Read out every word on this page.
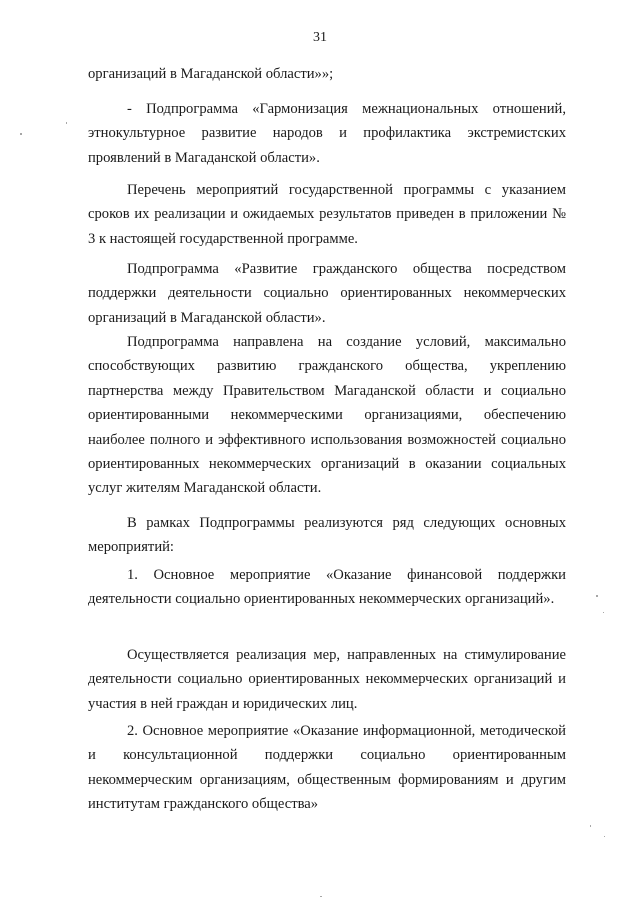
31

организаций в Магаданской области»»;

- Подпрограмма «Гармонизация межнациональных отношений, этнокультурное развитие народов и профилактика экстремистских проявлений в Магаданской области».

Перечень мероприятий государственной программы с указанием сроков их реализации и ожидаемых результатов приведен в приложении № 3 к настоящей государственной программе.

Подпрограмма «Развитие гражданского общества посредством поддержки деятельности социально ориентированных некоммерческих организаций в Магаданской области».

Подпрограмма направлена на создание условий, максимально способствующих развитию гражданского общества, укреплению партнерства между Правительством Магаданской области и социально ориентированными некоммерческими организациями, обеспечению наиболее полного и эффективного использования возможностей социально ориентированных некоммерческих организаций в оказании социальных услуг жителям Магаданской области.

В рамках Подпрограммы реализуются ряд следующих основных мероприятий:

1. Основное мероприятие «Оказание финансовой поддержки деятельности социально ориентированных некоммерческих организаций».

Осуществляется реализация мер, направленных на стимулирование деятельности социально ориентированных некоммерческих организаций и участия в ней граждан и юридических лиц.

2. Основное мероприятие «Оказание информационной, методической и консультационной поддержки социально ориентированным некоммерческим организациям, общественным формированиям и другим институтам гражданского общества»
